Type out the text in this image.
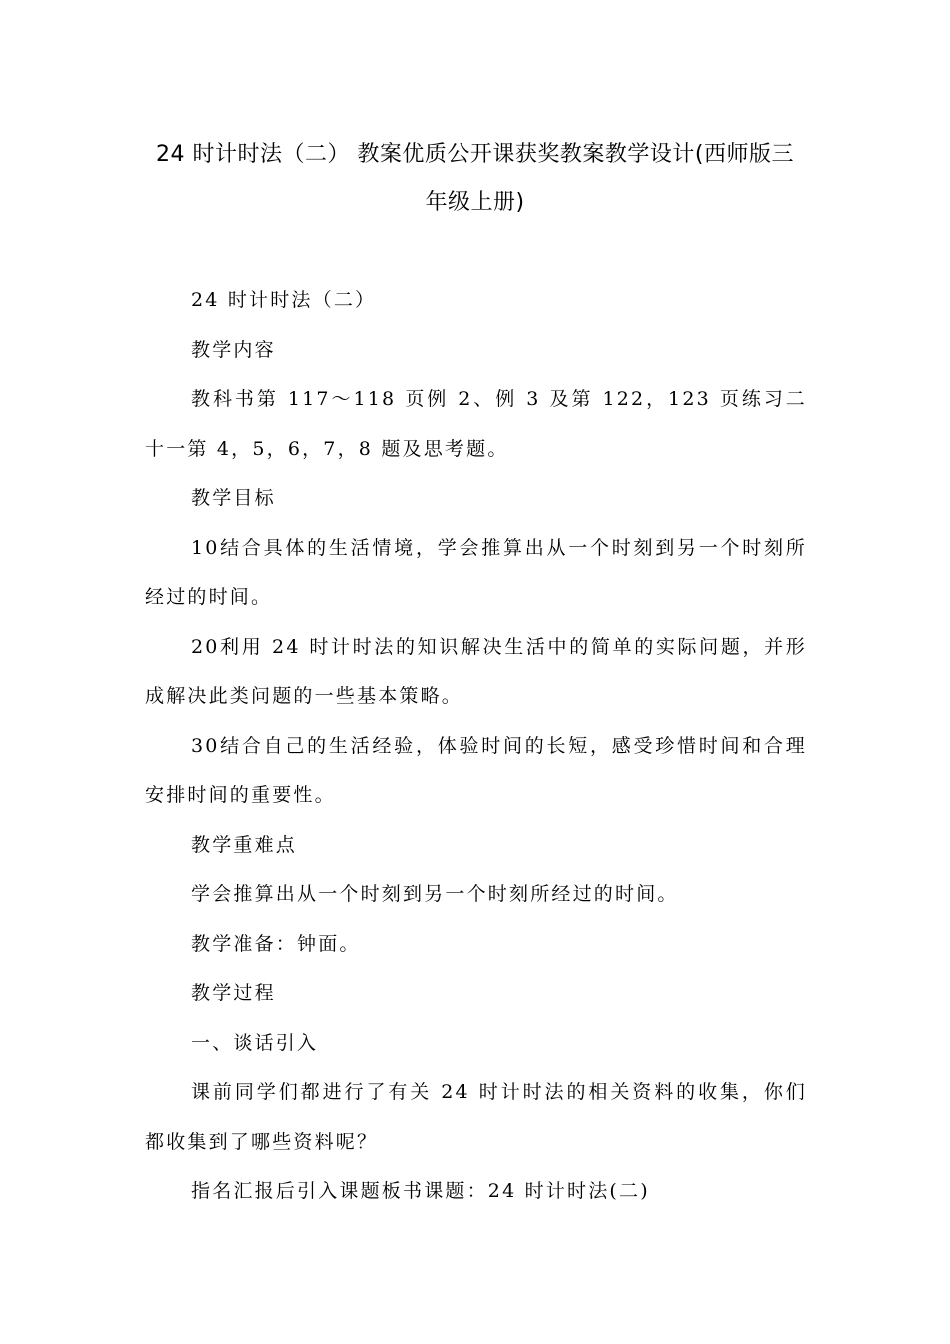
24 时计时法（二） 教案优质公开课获奖教案教学设计(西师版三年级上册)

24 时计时法（二）

教学内容

教科书第 117～118 页例 2、例 3 及第 122，123 页练习二十一第 4，5，6，7，8 题及思考题。

教学目标

10结合具体的生活情境，学会推算出从一个时刻到另一个时刻所经过的时间。

20利用 24 时计时法的知识解决生活中的简单的实际问题，并形成解决此类问题的一些基本策略。

30结合自己的生活经验，体验时间的长短，感受珍惜时间和合理安排时间的重要性。

教学重难点

学会推算出从一个时刻到另一个时刻所经过的时间。

教学准备：钟面。

教学过程

一、谈话引入

课前同学们都进行了有关 24 时计时法的相关资料的收集，你们都收集到了哪些资料呢？

指名汇报后引入课题板书课题：24 时计时法(二)
